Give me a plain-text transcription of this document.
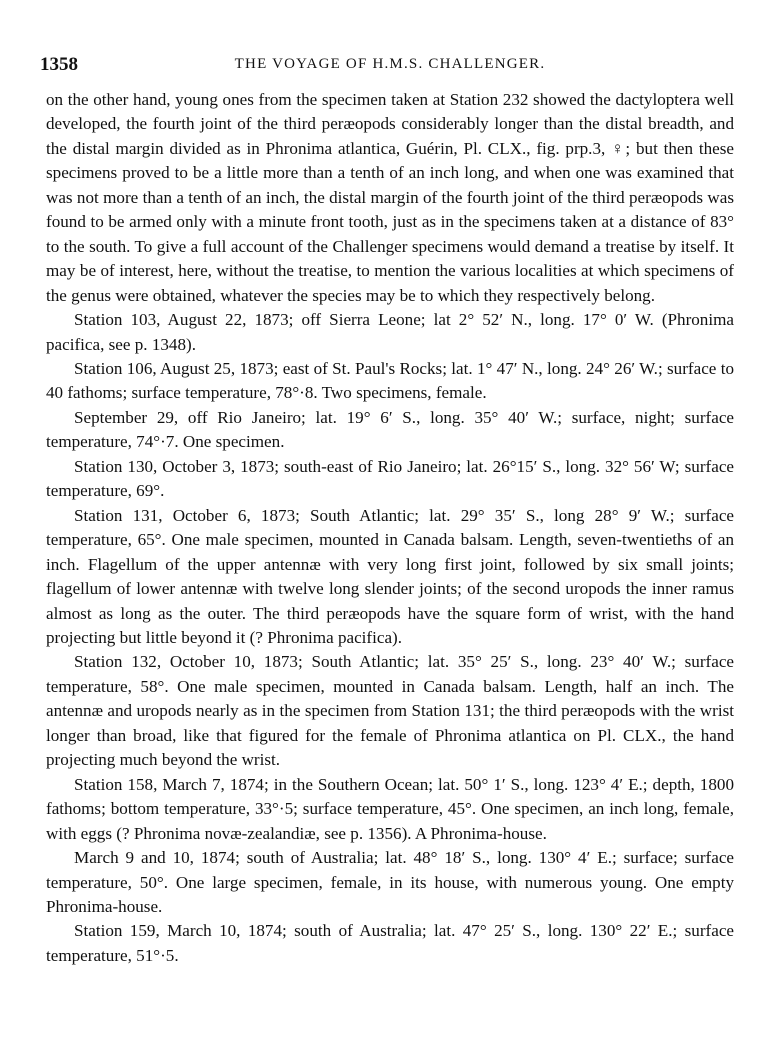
1358	THE VOYAGE OF H.M.S. CHALLENGER.

on the other hand, young ones from the specimen taken at Station 232 showed the dactyloptera well developed, the fourth joint of the third peræopods considerably longer than the distal breadth, and the distal margin divided as in Phronima atlantica, Guérin, Pl. CLX., fig. prp.3, ♀; but then these specimens proved to be a little more than a tenth of an inch long, and when one was examined that was not more than a tenth of an inch, the distal margin of the fourth joint of the third peræopods was found to be armed only with a minute front tooth, just as in the specimens taken at a distance of 83° to the south. To give a full account of the Challenger specimens would demand a treatise by itself. It may be of interest, here, without the treatise, to mention the various localities at which specimens of the genus were obtained, whatever the species may be to which they respectively belong.

Station 103, August 22, 1873; off Sierra Leone; lat 2° 52′ N., long. 17° 0′ W. (Phronima pacifica, see p. 1348).

Station 106, August 25, 1873; east of St. Paul's Rocks; lat. 1° 47′ N., long. 24° 26′ W.; surface to 40 fathoms; surface temperature, 78°·8. Two specimens, female.

September 29, off Rio Janeiro; lat. 19° 6′ S., long. 35° 40′ W.; surface, night; surface temperature, 74°·7. One specimen.

Station 130, October 3, 1873; south-east of Rio Janeiro; lat. 26°15′ S., long. 32° 56′ W; surface temperature, 69°.

Station 131, October 6, 1873; South Atlantic; lat. 29° 35′ S., long 28° 9′ W.; surface temperature, 65°. One male specimen, mounted in Canada balsam. Length, seven-twentieths of an inch. Flagellum of the upper antennæ with very long first joint, followed by six small joints; flagellum of lower antennæ with twelve long slender joints; of the second uropods the inner ramus almost as long as the outer. The third peræopods have the square form of wrist, with the hand projecting but little beyond it (? Phronima pacifica).

Station 132, October 10, 1873; South Atlantic; lat. 35° 25′ S., long. 23° 40′ W.; surface temperature, 58°. One male specimen, mounted in Canada balsam. Length, half an inch. The antennæ and uropods nearly as in the specimen from Station 131; the third peræopods with the wrist longer than broad, like that figured for the female of Phronima atlantica on Pl. CLX., the hand projecting much beyond the wrist.

Station 158, March 7, 1874; in the Southern Ocean; lat. 50° 1′ S., long. 123° 4′ E.; depth, 1800 fathoms; bottom temperature, 33°·5; surface temperature, 45°. One specimen, an inch long, female, with eggs (? Phronima novæ-zealandiæ, see p. 1356). A Phronima-house.

March 9 and 10, 1874; south of Australia; lat. 48° 18′ S., long. 130° 4′ E.; surface; surface temperature, 50°. One large specimen, female, in its house, with numerous young. One empty Phronima-house.

Station 159, March 10, 1874; south of Australia; lat. 47° 25′ S., long. 130° 22′ E.; surface temperature, 51°·5.
